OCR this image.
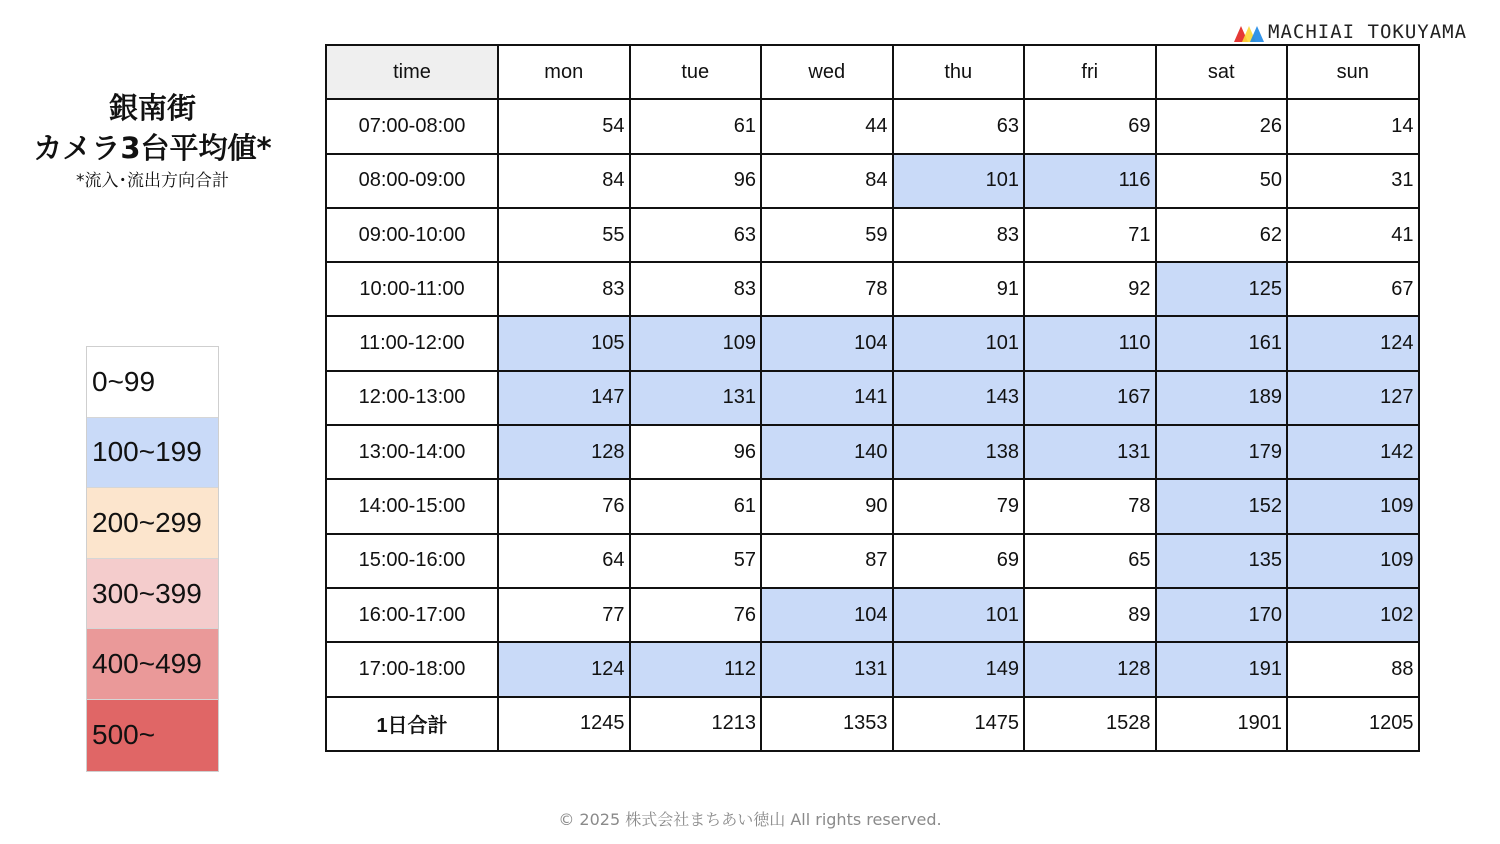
銀南街
カメラ3台平均値*
*流入･流出方向合計
MACHIAI TOKUYAMA
0~99
100~199
200~299
300~399
400~499
500~
time	mon	tue	wed	thu	fri	sat	sun
07:00-08:00	54	61	44	63	69	26	14
08:00-09:00	84	96	84	101	116	50	31
09:00-10:00	55	63	59	83	71	62	41
10:00-11:00	83	83	78	91	92	125	67
11:00-12:00	105	109	104	101	110	161	124
12:00-13:00	147	131	141	143	167	189	127
13:00-14:00	128	96	140	138	131	179	142
14:00-15:00	76	61	90	79	78	152	109
15:00-16:00	64	57	87	69	65	135	109
16:00-17:00	77	76	104	101	89	170	102
17:00-18:00	124	112	131	149	128	191	88
1日合計	1245	1213	1353	1475	1528	1901	1205
© 2025 株式会社まちあい徳山 All rights reserved.
